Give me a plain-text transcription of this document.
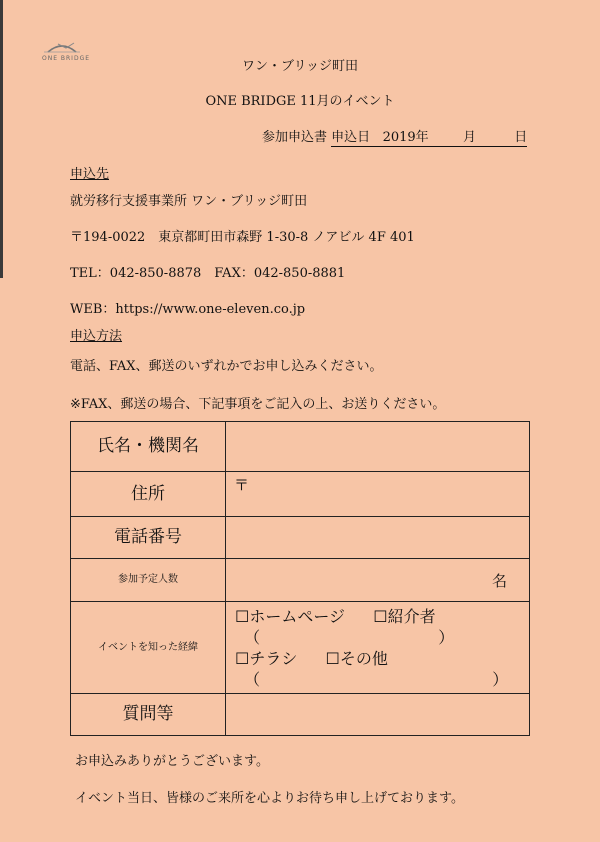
ONE BRIDGE
ワン・ブリッジ町田
ONE BRIDGE 11月のイベント
参加申込書 申込日 2019年	月	日
申込先
就労移行支援事業所 ワン・ブリッジ町田
〒194-0022　東京都町田市森野 1-30-8 ノアビル 4F 401
TEL：042-850-8878　FAX：042-850-8881
WEB：https://www.one-eleven.co.jp
申込方法
電話、FAX、郵送のいずれかでお申し込みください。
※FAX、郵送の場合、下記事項をご記入の上、お送りください。
氏名・機関名	
住所	〒

電話番号	
参加予定人数	名

イベントを知った経緯	☐ホームページ ☐紹介者
（ ）
☐チラシ ☐その他
（ ）

質問等	
お申込みありがとうございます。
イベント当日、皆様のご来所を心よりお待ち申し上げております。
